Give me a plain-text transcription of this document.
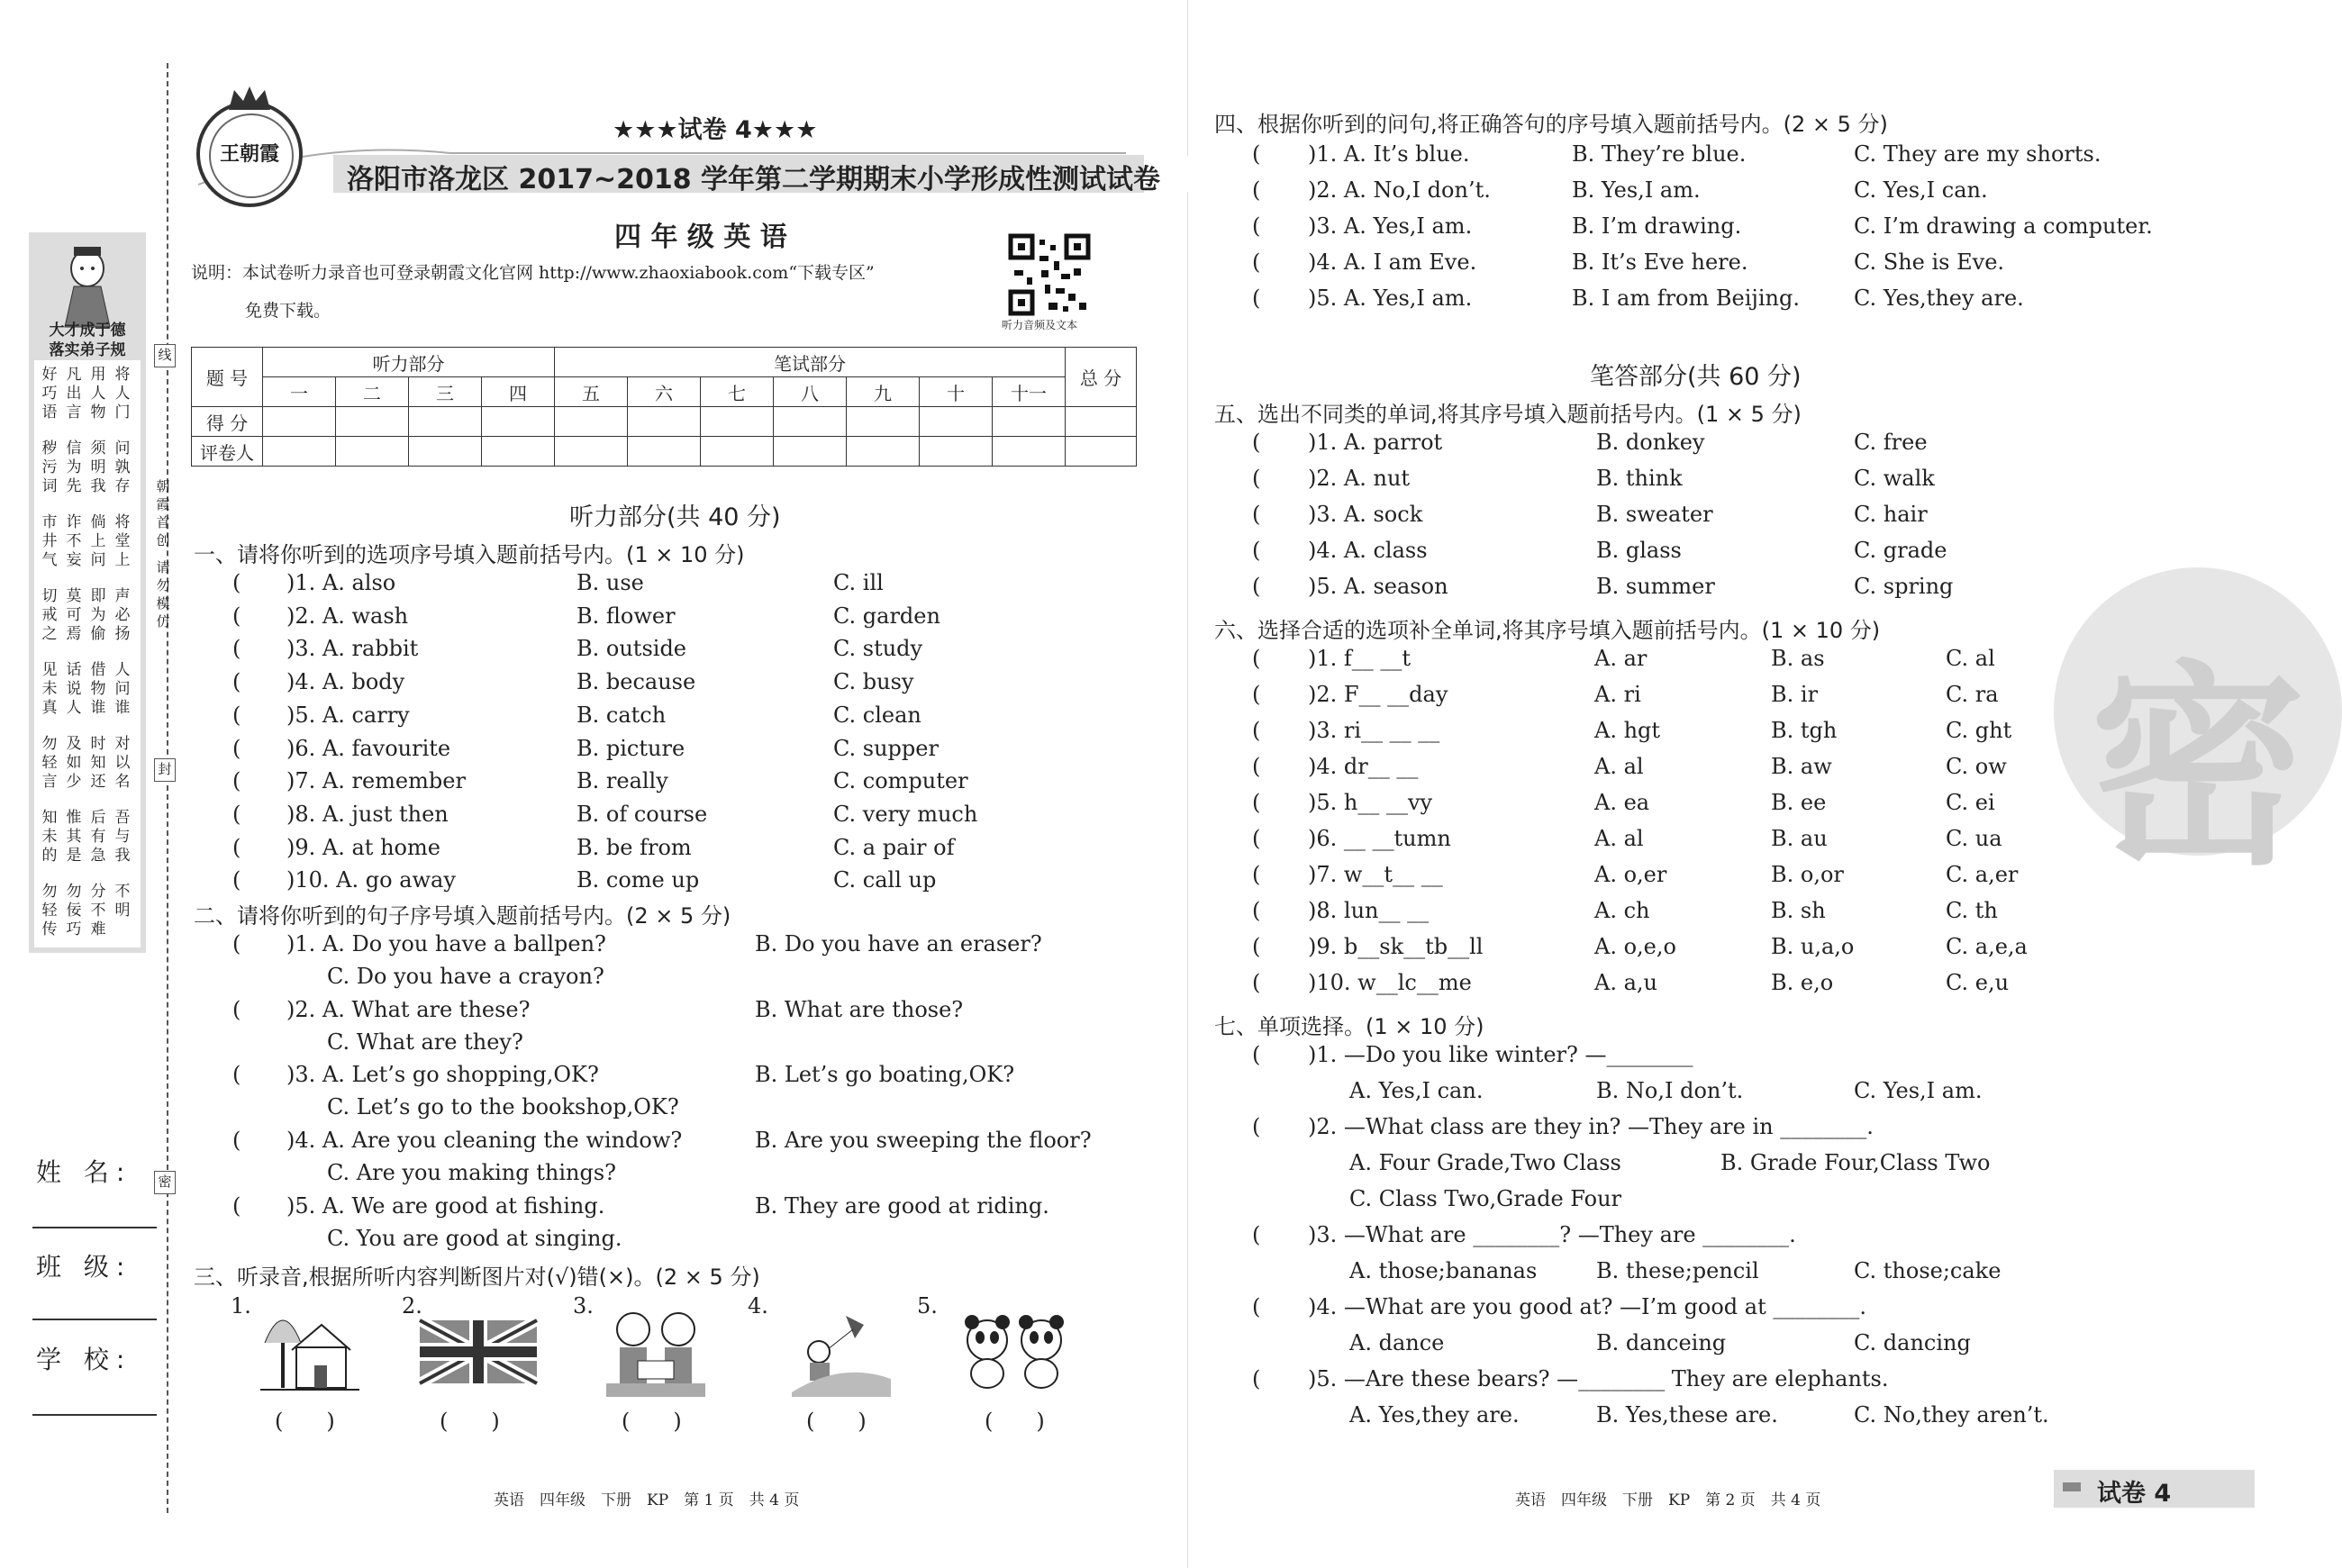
大才成于德
落实弟子规
好
巧
语
凡
出
言
用
人
物
将
人
门
秽
污
词
信
为
先
须
明
我
问
孰
存
市
井
气
诈
不
妄
倘
上
问
将
堂
上
切
戒
之
莫
可
焉
即
为
偷
声
必
扬
见
未
真
话
说
人
借
物
谁
人
问
谁
勿
轻
言
及
如
少
时
知
还
对
以
名
知
未
的
惟
其
是
后
有
急
吾
与
我
勿
轻
传
勿
佞
巧
分
不
难
不
明
朝
霞
首
创
请
勿
模
仿
线
封
密
姓 名:
班 级:
学 校:
王朝霞
★★★试卷 4★★★
洛阳市洛龙区 2017~2018 学年第二学期期末小学形成性测试试卷
四 年 级 英 语
说明：本试卷听力录音也可登录朝霞文化官网 http://www.zhaoxiabook.com“下载专区”
免费下载。
听力音频及文本
题 号	听力部分				笔试部分							总 分
	一	二	三	四	五	六	七	八	九	十	十一	
得 分												
评卷人												
听力部分(共 40 分)
一、请将你听到的选项序号填入题前括号内。(1 × 10 分)
( )1. A. also	B. use	C. ill
( )2. A. wash	B. flower	C. garden
( )3. A. rabbit	B. outside	C. study
( )4. A. body	B. because	C. busy
( )5. A. carry	B. catch	C. clean
( )6. A. favourite	B. picture	C. supper
( )7. A. remember	B. really	C. computer
( )8. A. just then	B. of course	C. very much
( )9. A. at home	B. be from	C. a pair of
( )10. A. go away	B. come up	C. call up
二、请将你听到的句子序号填入题前括号内。(2 × 5 分)
( )1. A. Do you have a ballpen?	B. Do you have an eraser?
C. Do you have a crayon?
( )2. A. What are these?	B. What are those?
C. What are they?
( )3. A. Let’s go shopping,OK?	B. Let’s go boating,OK?
C. Let’s go to the bookshop,OK?
( )4. A. Are you cleaning the window?	B. Are you sweeping the floor?
C. Are you making things?
( )5. A. We are good at fishing.	B. They are good at riding.
C. You are good at singing.
三、听录音,根据所听内容判断图片对(√)错(×)。(2 × 5 分)
1.	2.	3.	4.	5.
(　　)	(　　)	(　　)	(　　)	(　　)
四、根据你听到的问句,将正确答句的序号填入题前括号内。(2 × 5 分)
( )1. A. It’s blue.	B. They’re blue.	C. They are my shorts.
( )2. A. No,I don’t.	B. Yes,I am.	C. Yes,I can.
( )3. A. Yes,I am.	B. I’m drawing.	C. I’m drawing a computer.
( )4. A. I am Eve.	B. It’s Eve here.	C. She is Eve.
( )5. A. Yes,I am.	B. I am from Beijing.	C. Yes,they are.
笔答部分(共 60 分)
五、选出不同类的单词,将其序号填入题前括号内。(1 × 5 分)
( )1. A. parrot	B. donkey	C. free
( )2. A. nut	B. think	C. walk
( )3. A. sock	B. sweater	C. hair
( )4. A. class	B. glass	C. grade
( )5. A. season	B. summer	C. spring
六、选择合适的选项补全单词,将其序号填入题前括号内。(1 × 10 分)
( )1. f__ __t	A. ar	B. as	C. al
( )2. F__ __day	A. ri	B. ir	C. ra
( )3. ri__ __ __	A. hgt	B. tgh	C. ght
( )4. dr__ __	A. al	B. aw	C. ow
( )5. h__ __vy	A. ea	B. ee	C. ei
( )6. __ __tumn	A. al	B. au	C. ua
( )7. w__t__ __	A. o,er	B. o,or	C. a,er
( )8. lun__ __	A. ch	B. sh	C. th
( )9. b__sk__tb__ll	A. o,e,o	B. u,a,o	C. a,e,a
( )10. w__lc__me	A. a,u	B. e,o	C. e,u
七、单项选择。(1 × 10 分)
( )1. —Do you like winter? —________
A. Yes,I can.	B. No,I don’t.	C. Yes,I am.
( )2. —What class are they in? —They are in ________.
A. Four Grade,Two Class	B. Grade Four,Class Two
C. Class Two,Grade Four
( )3. —What are ________? —They are ________.
A. those;bananas	B. these;pencil	C. those;cake
( )4. —What are you good at? —I’m good at ________.
A. dance	B. danceing	C. dancing
( )5. —Are these bears? —________ They are elephants.
A. Yes,they are.	B. Yes,these are.	C. No,they aren’t.
密
英语　四年级　下册　KP　第 1 页　共 4 页	英语　四年级　下册　KP　第 2 页　共 4 页	试卷 4
